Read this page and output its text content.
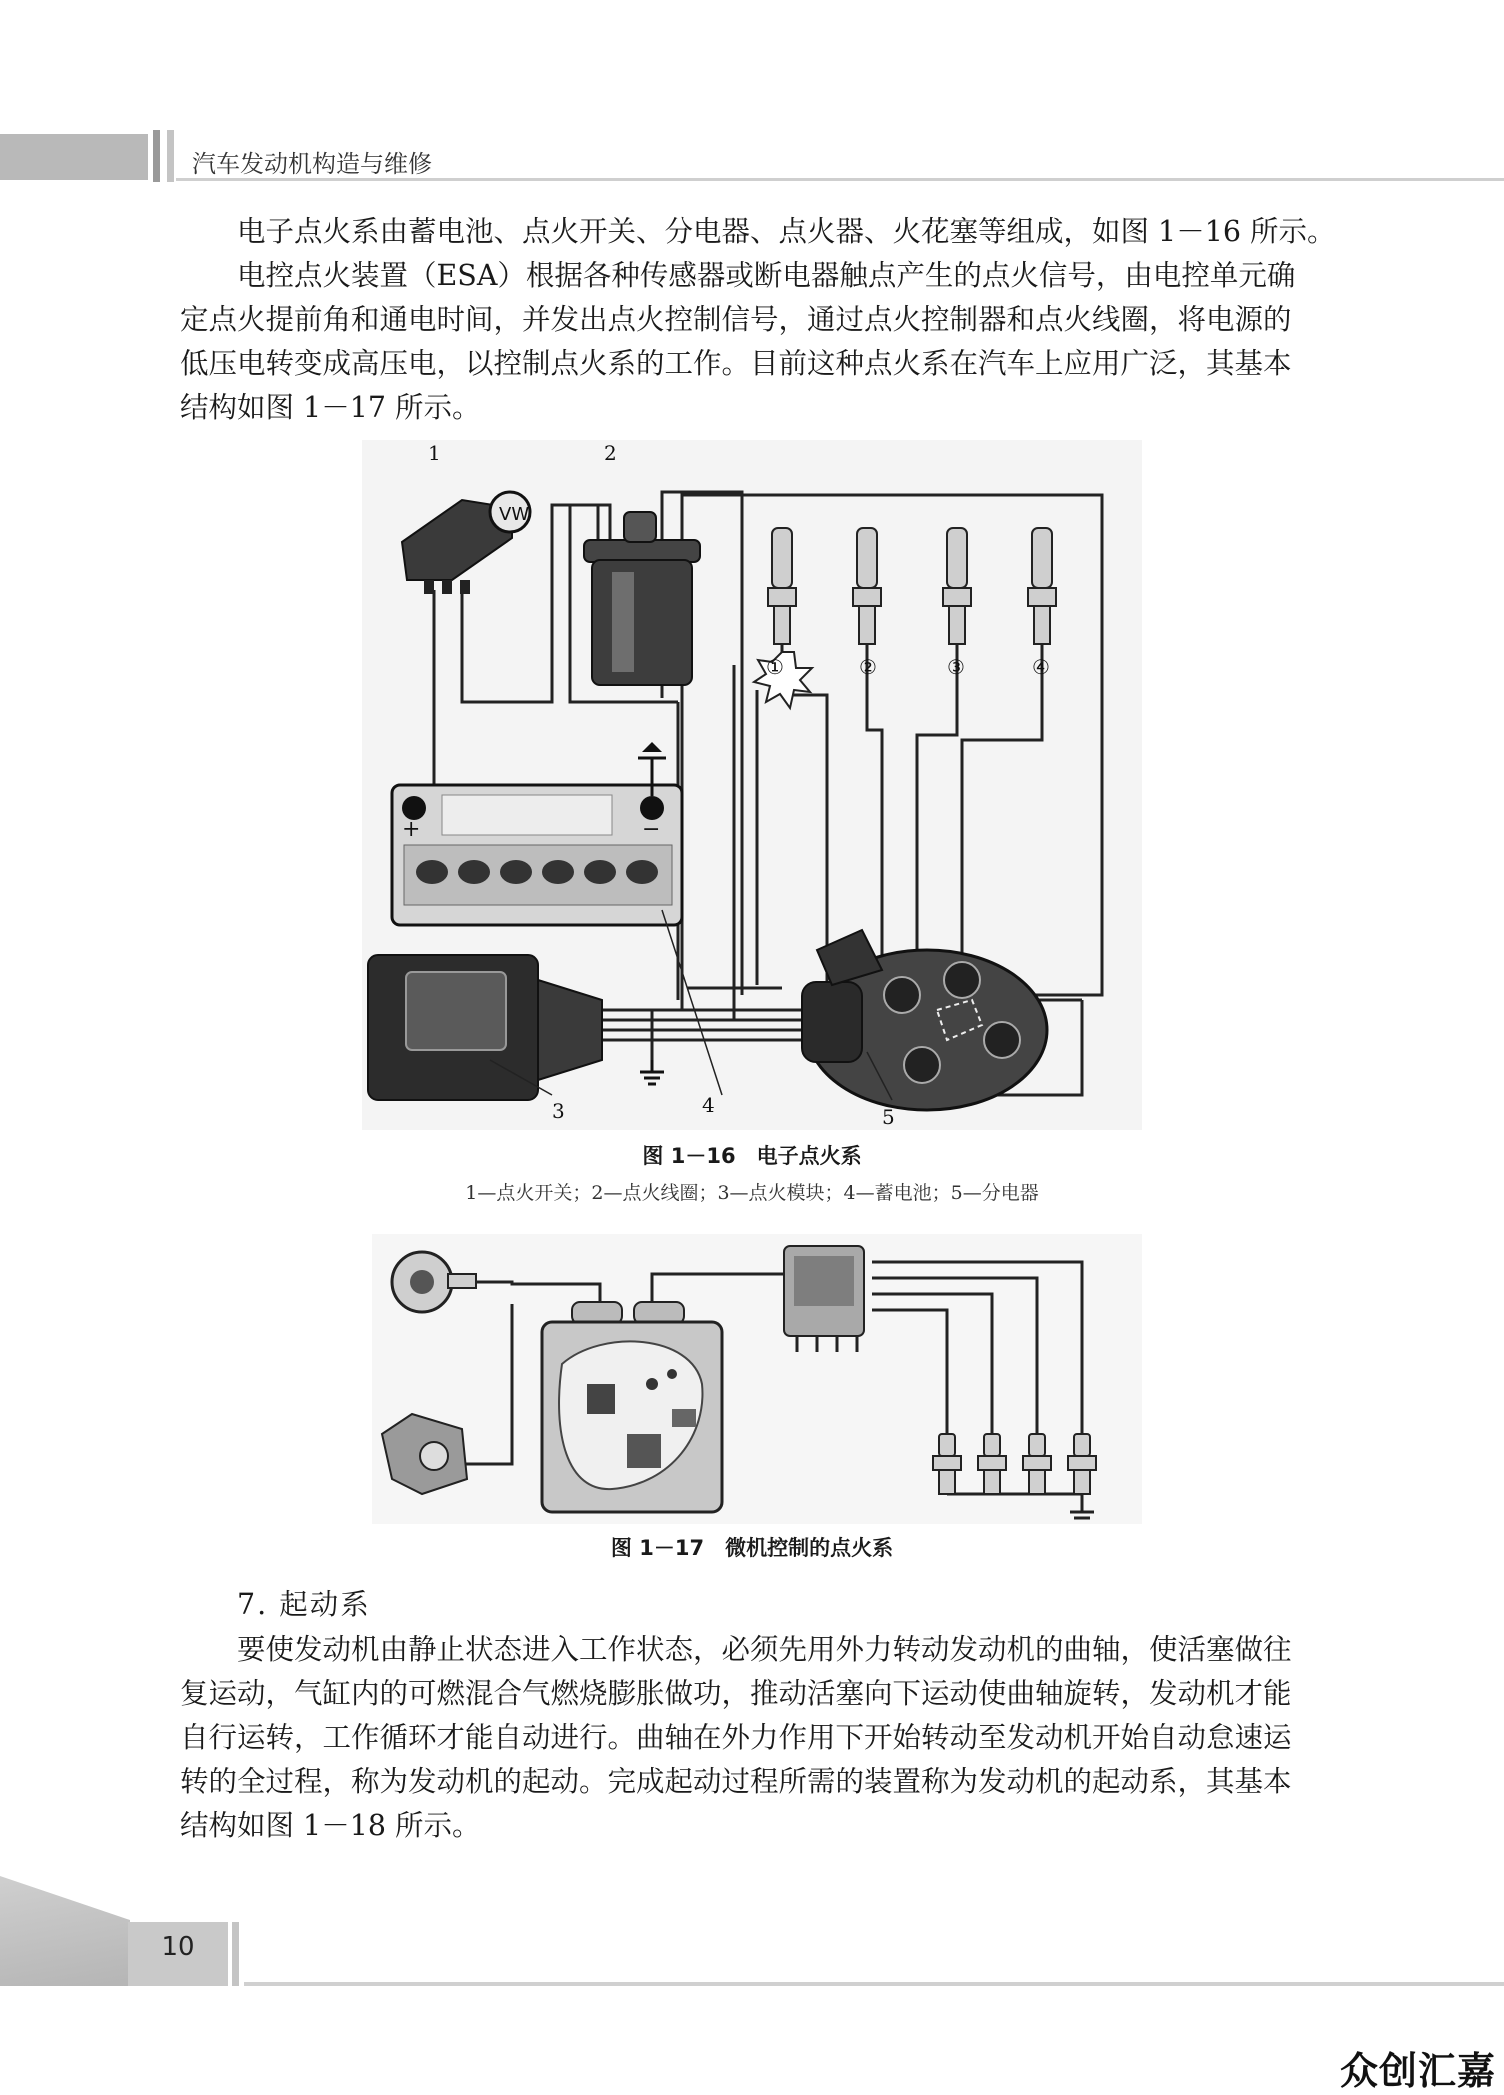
汽车发动机构造与维修
电子点火系由蓄电池、点火开关、分电器、点火器、火花塞等组成，如图 1－16 所示。
电控点火装置（ESA）根据各种传感器或断电器触点产生的点火信号，由电控单元确
定点火提前角和通电时间，并发出点火控制信号，通过点火控制器和点火线圈，将电源的
低压电转变成高压电，以控制点火系的工作。目前这种点火系在汽车上应用广泛，其基本
结构如图 1－17 所示。
VW
1	2
3	4	5
①	②	③	④
+	−
图 1－16　电子点火系
1—点火开关；2—点火线圈；3—点火模块；4—蓄电池；5—分电器
图 1－17　微机控制的点火系
7. 起动系
要使发动机由静止状态进入工作状态，必须先用外力转动发动机的曲轴，使活塞做往
复运动，气缸内的可燃混合气燃烧膨胀做功，推动活塞向下运动使曲轴旋转，发动机才能
自行运转，工作循环才能自动进行。曲轴在外力作用下开始转动至发动机开始自动怠速运
转的全过程，称为发动机的起动。完成起动过程所需的装置称为发动机的起动系，其基本
结构如图 1－18 所示。
10
众创汇嘉
